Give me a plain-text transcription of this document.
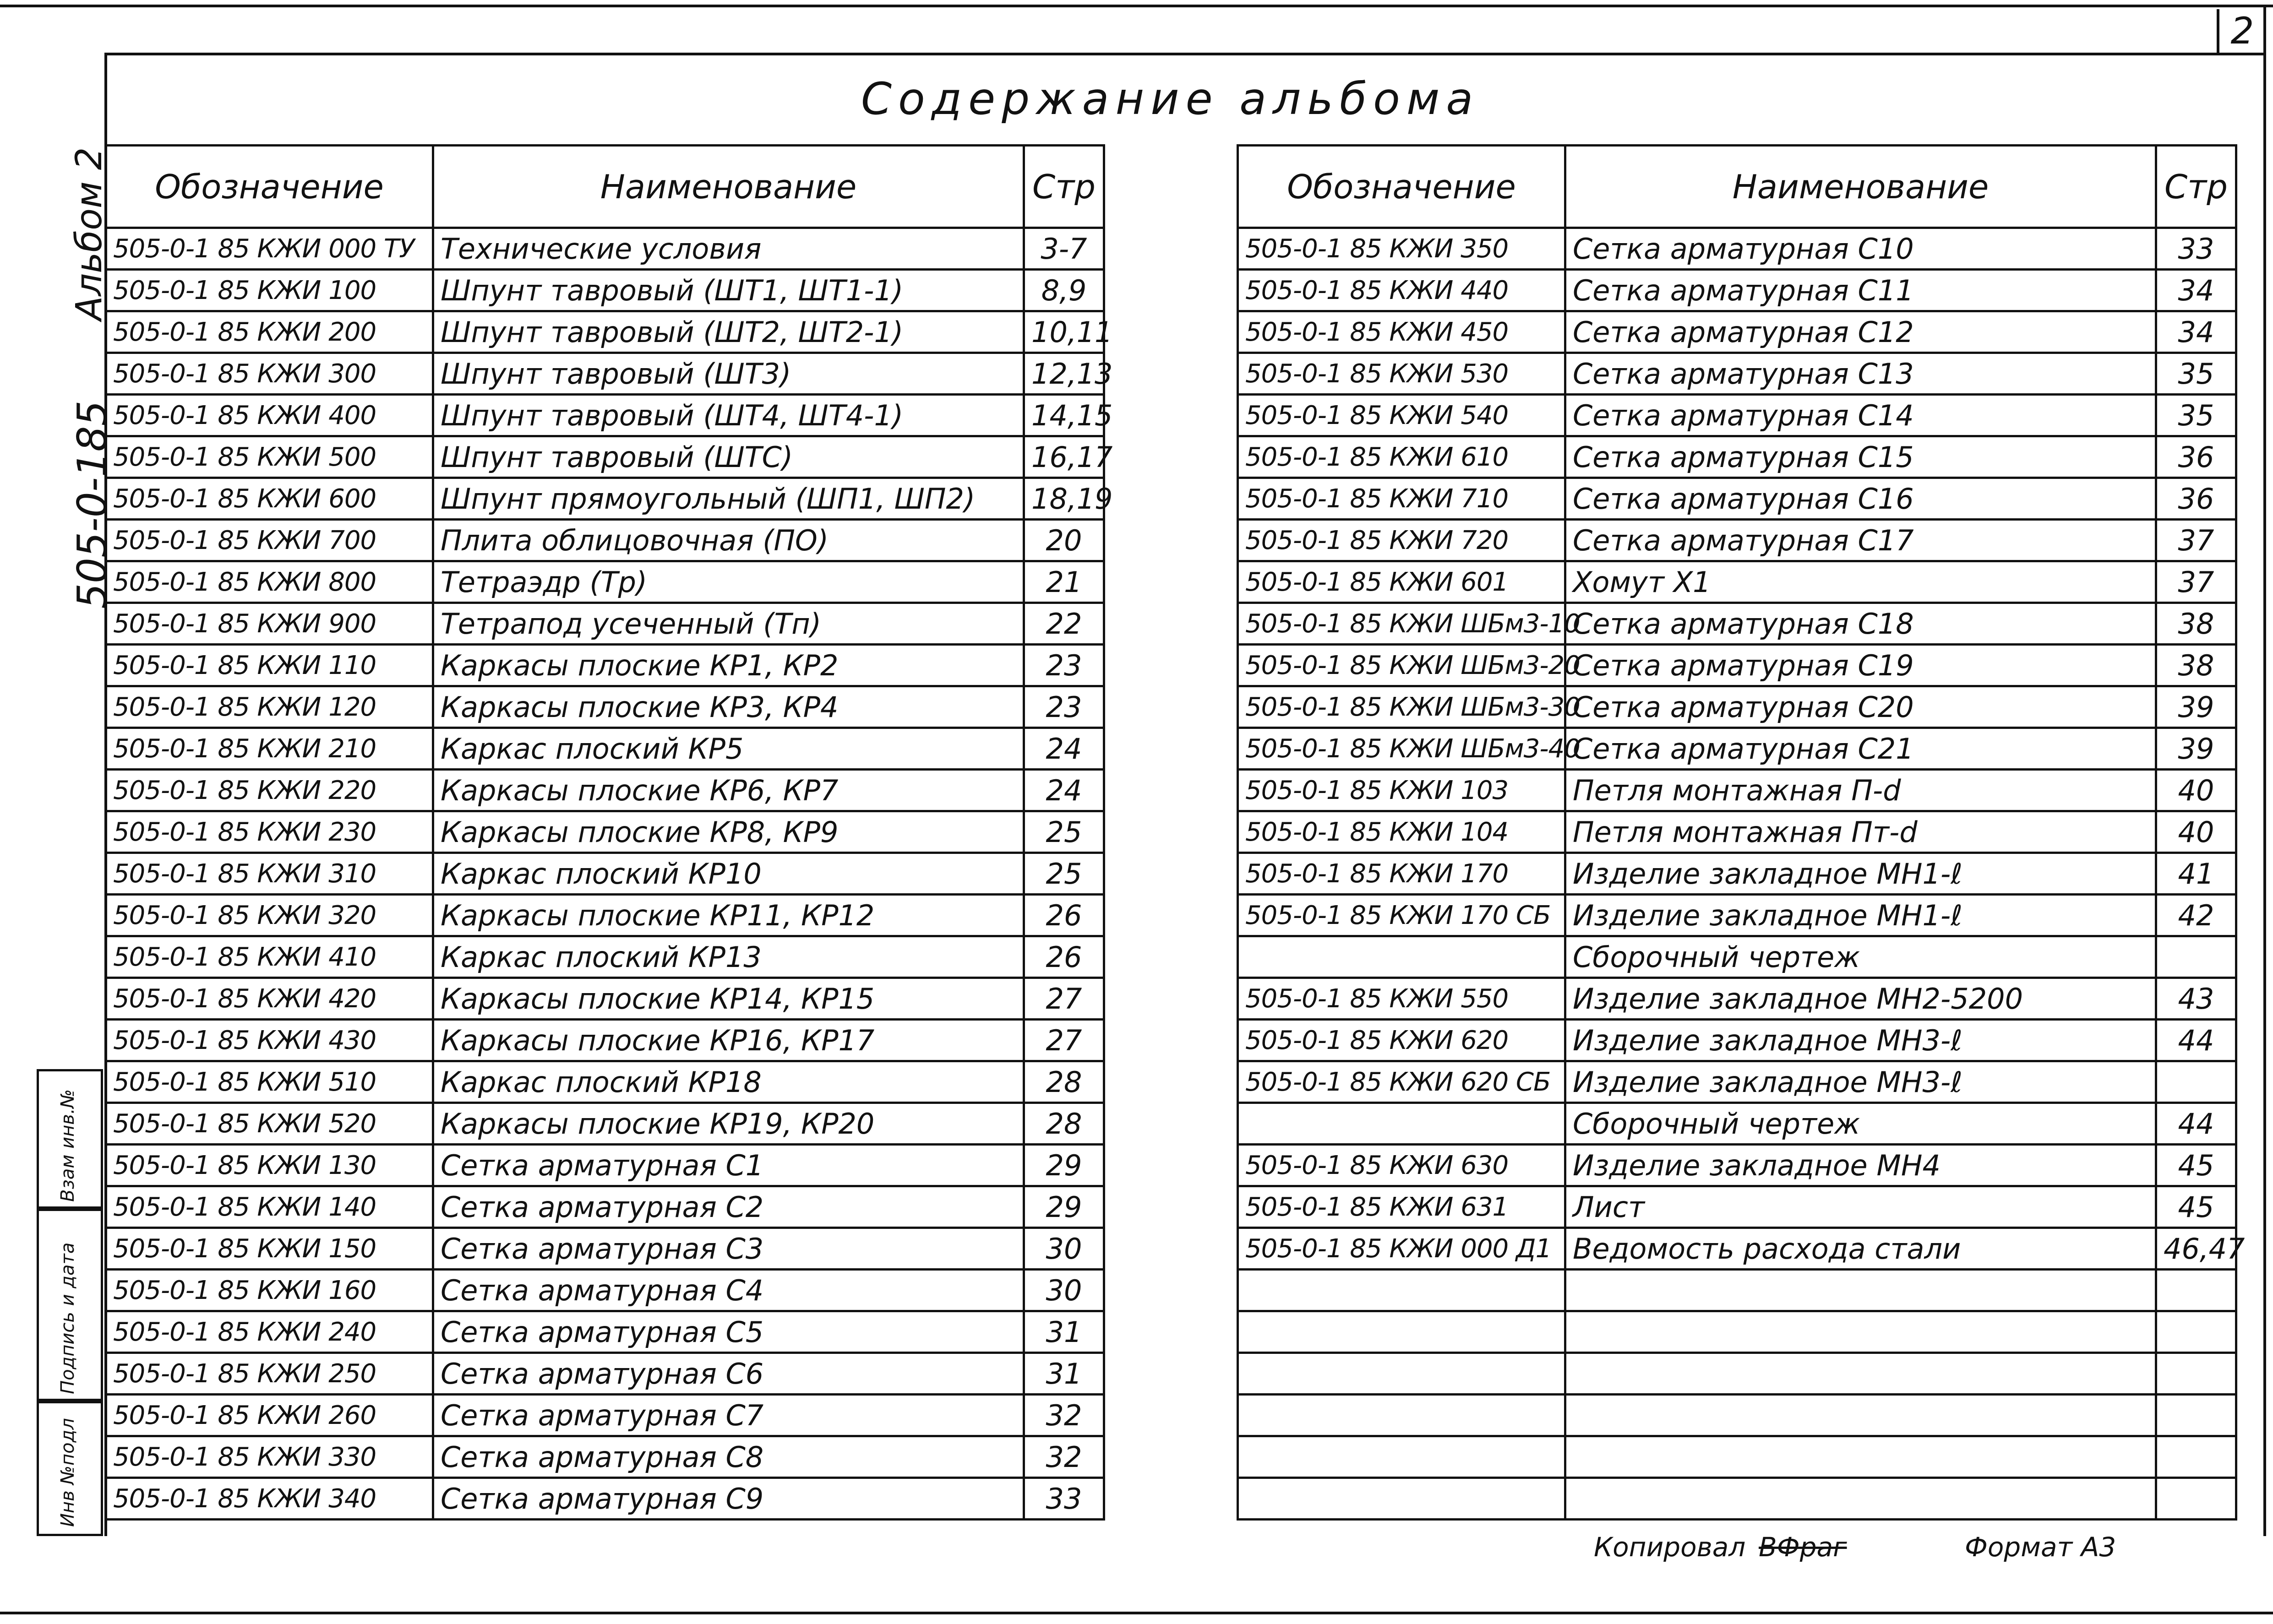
2
Содержание альбома
Альбом 2
505-0-185
Взам инв.№
Подпись и дата
Инв №подл
Обозначение	Наименование	Стр
505-0-1 85 КЖИ 000 ТУ	Технические условия	3-7
505-0-1 85 КЖИ 100	Шпунт тавровый (ШТ1, ШТ1-1)	8,9
505-0-1 85 КЖИ 200	Шпунт тавровый (ШТ2, ШТ2-1)	10,11
505-0-1 85 КЖИ 300	Шпунт тавровый (ШТ3)	12,13
505-0-1 85 КЖИ 400	Шпунт тавровый (ШТ4, ШТ4-1)	14,15
505-0-1 85 КЖИ 500	Шпунт тавровый (ШТС)	16,17
505-0-1 85 КЖИ 600	Шпунт прямоугольный (ШП1, ШП2)	18,19
505-0-1 85 КЖИ 700	Плита облицовочная (ПО)	20
505-0-1 85 КЖИ 800	Тетраэдр (Тр)	21
505-0-1 85 КЖИ 900	Тетрапод усеченный (Тп)	22
505-0-1 85 КЖИ 110	Каркасы плоские КР1, КР2	23
505-0-1 85 КЖИ 120	Каркасы плоские КР3, КР4	23
505-0-1 85 КЖИ 210	Каркас плоский КР5	24
505-0-1 85 КЖИ 220	Каркасы плоские КР6, КР7	24
505-0-1 85 КЖИ 230	Каркасы плоские КР8, КР9	25
505-0-1 85 КЖИ 310	Каркас плоский КР10	25
505-0-1 85 КЖИ 320	Каркасы плоские КР11, КР12	26
505-0-1 85 КЖИ 410	Каркас плоский КР13	26
505-0-1 85 КЖИ 420	Каркасы плоские КР14, КР15	27
505-0-1 85 КЖИ 430	Каркасы плоские КР16, КР17	27
505-0-1 85 КЖИ 510	Каркас плоский КР18	28
505-0-1 85 КЖИ 520	Каркасы плоские КР19, КР20	28
505-0-1 85 КЖИ 130	Сетка арматурная С1	29
505-0-1 85 КЖИ 140	Сетка арматурная С2	29
505-0-1 85 КЖИ 150	Сетка арматурная С3	30
505-0-1 85 КЖИ 160	Сетка арматурная С4	30
505-0-1 85 КЖИ 240	Сетка арматурная С5	31
505-0-1 85 КЖИ 250	Сетка арматурная С6	31
505-0-1 85 КЖИ 260	Сетка арматурная С7	32
505-0-1 85 КЖИ 330	Сетка арматурная С8	32
505-0-1 85 КЖИ 340	Сетка арматурная С9	33
Обозначение	Наименование	Стр
505-0-1 85 КЖИ 350	Сетка арматурная С10	33
505-0-1 85 КЖИ 440	Сетка арматурная С11	34
505-0-1 85 КЖИ 450	Сетка арматурная С12	34
505-0-1 85 КЖИ 530	Сетка арматурная С13	35
505-0-1 85 КЖИ 540	Сетка арматурная С14	35
505-0-1 85 КЖИ 610	Сетка арматурная С15	36
505-0-1 85 КЖИ 710	Сетка арматурная С16	36
505-0-1 85 КЖИ 720	Сетка арматурная С17	37
505-0-1 85 КЖИ 601	Хомут Х1	37
505-0-1 85 КЖИ ШБм3-10	Сетка арматурная С18	38
505-0-1 85 КЖИ ШБм3-20	Сетка арматурная С19	38
505-0-1 85 КЖИ ШБм3-30	Сетка арматурная С20	39
505-0-1 85 КЖИ ШБм3-40	Сетка арматурная С21	39
505-0-1 85 КЖИ 103	Петля монтажная П-d	40
505-0-1 85 КЖИ 104	Петля монтажная Пт-d	40
505-0-1 85 КЖИ 170	Изделие закладное МН1-ℓ	41
505-0-1 85 КЖИ 170 СБ	Изделие закладное МН1-ℓ	42
	Сборочный чертеж	
505-0-1 85 КЖИ 550	Изделие закладное МН2-5200	43
505-0-1 85 КЖИ 620	Изделие закладное МН3-ℓ	44
505-0-1 85 КЖИ 620 СБ	Изделие закладное МН3-ℓ	
	Сборочный чертеж	44
505-0-1 85 КЖИ 630	Изделие закладное МН4	45
505-0-1 85 КЖИ 631	Лист	45
505-0-1 85 КЖИ 000 Д1	Ведомость расхода стали	46,47

Копировал ВФраг	Формат А3
